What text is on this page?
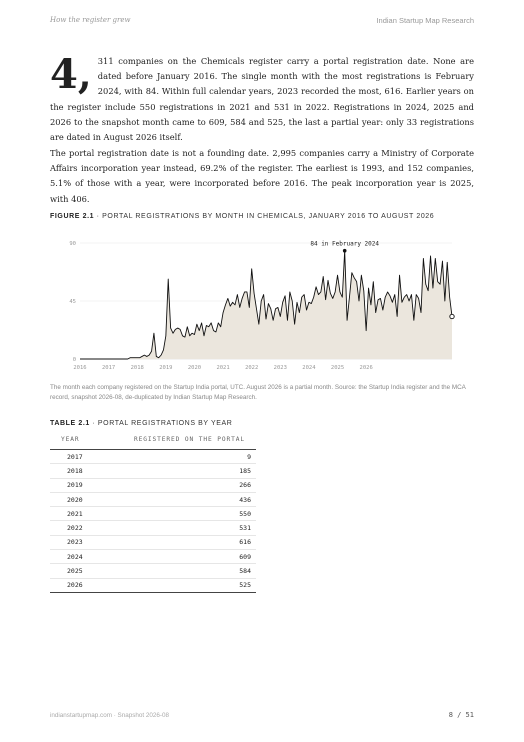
How the register grew	Indian Startup Map Research
4, 311 companies on the Chemicals register carry a portal registration date. None are dated before January 2016. The single month with the most registrations is February 2024, with 84. Within full calendar years, 2023 recorded the most, 616. Earlier years on the register include 550 registrations in 2021 and 531 in 2022. Registrations in 2024, 2025 and 2026 to the snapshot month came to 609, 584 and 525, the last a partial year: only 33 registrations are dated in August 2026 itself.
The portal registration date is not a founding date. 2,995 companies carry a Ministry of Corporate Affairs incorporation year instead, 69.2% of the register. The earliest is 1993, and 152 companies, 5.1% of those with a year, were incorporated before 2016. The peak incorporation year is 2025, with 406.
FIGURE 2.1 · PORTAL REGISTRATIONS BY MONTH IN CHEMICALS, JANUARY 2016 TO AUGUST 2026
0
45
90
2016	2017	2018	2019	2020	2021	2022	2023	2024	2025	2026
84 in February 2024
The month each company registered on the Startup India portal, UTC. August 2026 is a partial month. Source: the Startup India register and the MCA record, snapshot 2026-08, de-duplicated by Indian Startup Map Research.
TABLE 2.1 · PORTAL REGISTRATIONS BY YEAR
YEAR	REGISTERED ON THE PORTAL
2017	9
2018	185
2019	266
2020	436
2021	550
2022	531
2023	616
2024	609
2025	584
2026	525
indianstartupmap.com · Snapshot 2026-08	8 / 51
